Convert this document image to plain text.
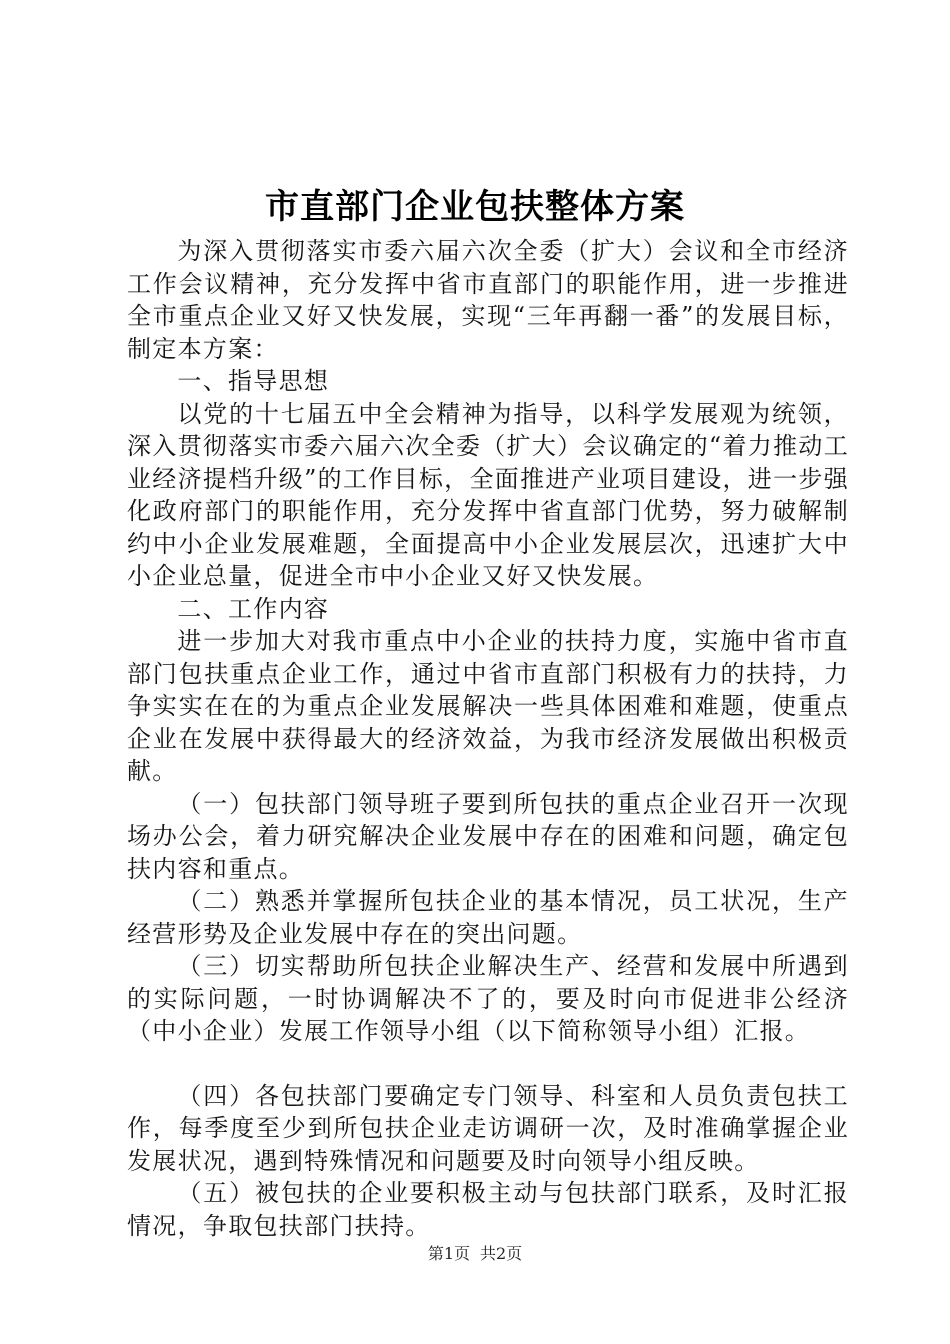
市直部门企业包扶整体方案

为深入贯彻落实市委六届六次全委（扩大）会议和全市经济工作会议精神，充分发挥中省市直部门的职能作用，进一步推进全市重点企业又好又快发展，实现“三年再翻一番”的发展目标，制定本方案：

一、指导思想

以党的十七届五中全会精神为指导，以科学发展观为统领，深入贯彻落实市委六届六次全委（扩大）会议确定的“着力推动工业经济提档升级”的工作目标，全面推进产业项目建设，进一步强化政府部门的职能作用，充分发挥中省直部门优势，努力破解制约中小企业发展难题，全面提高中小企业发展层次，迅速扩大中小企业总量，促进全市中小企业又好又快发展。

二、工作内容

进一步加大对我市重点中小企业的扶持力度，实施中省市直部门包扶重点企业工作，通过中省市直部门积极有力的扶持，力争实实在在的为重点企业发展解决一些具体困难和难题，使重点企业在发展中获得最大的经济效益，为我市经济发展做出积极贡献。

（一）包扶部门领导班子要到所包扶的重点企业召开一次现场办公会，着力研究解决企业发展中存在的困难和问题，确定包扶内容和重点。

（二）熟悉并掌握所包扶企业的基本情况，员工状况，生产经营形势及企业发展中存在的突出问题。

（三）切实帮助所包扶企业解决生产、经营和发展中所遇到的实际问题，一时协调解决不了的，要及时向市促进非公经济（中小企业）发展工作领导小组（以下简称领导小组）汇报。

（四）各包扶部门要确定专门领导、科室和人员负责包扶工作，每季度至少到所包扶企业走访调研一次，及时准确掌握企业发展状况，遇到特殊情况和问题要及时向领导小组反映。

（五）被包扶的企业要积极主动与包扶部门联系，及时汇报情况，争取包扶部门扶持。

第1页 共2页
